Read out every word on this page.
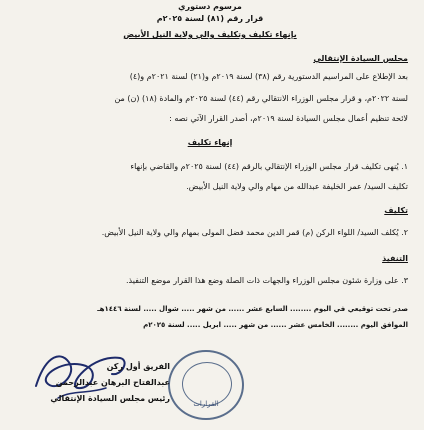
مرسوم دستوري
قرار رقم (٨١) لسنة ٢٠٢٥م
بإنهاء تكليف وتكليف والي ولاية النيل الأبيض
مجلس السيادة الإنتقالي
بعد الإطلاع على المراسيم الدستورية رقم (٣٨) لسنة ٢٠١٩م و(٢١) لسنة ٢٠٢١م و(٤)
لسنة ٢٠٢٢م، و قرار مجلس الوزراء الانتقالي رقم (٤٤) لسنة ٢٠٢٥م والمادة (١٨) (ن) من
لائحة تنظيم أعمال مجلس السيادة لسنة ٢٠١٩م، أصدر القرار الآتي نصه :
إنهاء تكليف
١. يُنهى تكليف قرار مجلس الوزراء الإنتقالي بالرقم (٤٤) لسنة ٢٠٢٥م والقاضي بإنهاء
تكليف السيد/ عمر الخليفة عبدالله من مهام والي ولاية النيل الأبيض.
تكليف
٢. يُكلف السيد/ اللواء الركن (م) قمر الدين محمد فضل المولى بمهام والي ولاية النيل الأبيض.
التنفيذ
٣. على وزارة شئون مجلس الوزراء والجهات ذات الصلة وضع هذا القرار موضع التنفيذ.
صدر تحت توقيعي في اليوم ........ السابع عشر ...... من شهر ..... شوال ..... لسنة ١٤٤٦هـ
الموافق اليوم ........ الخامس عشر ...... من شهر ..... ابريل ..... لسنة ٢٠٢٥م
القرارات
الفريق أول ركن
عبدالفتاح البرهان عبدالرحمن
رئيس مجلس السيادة الإنتقالي
